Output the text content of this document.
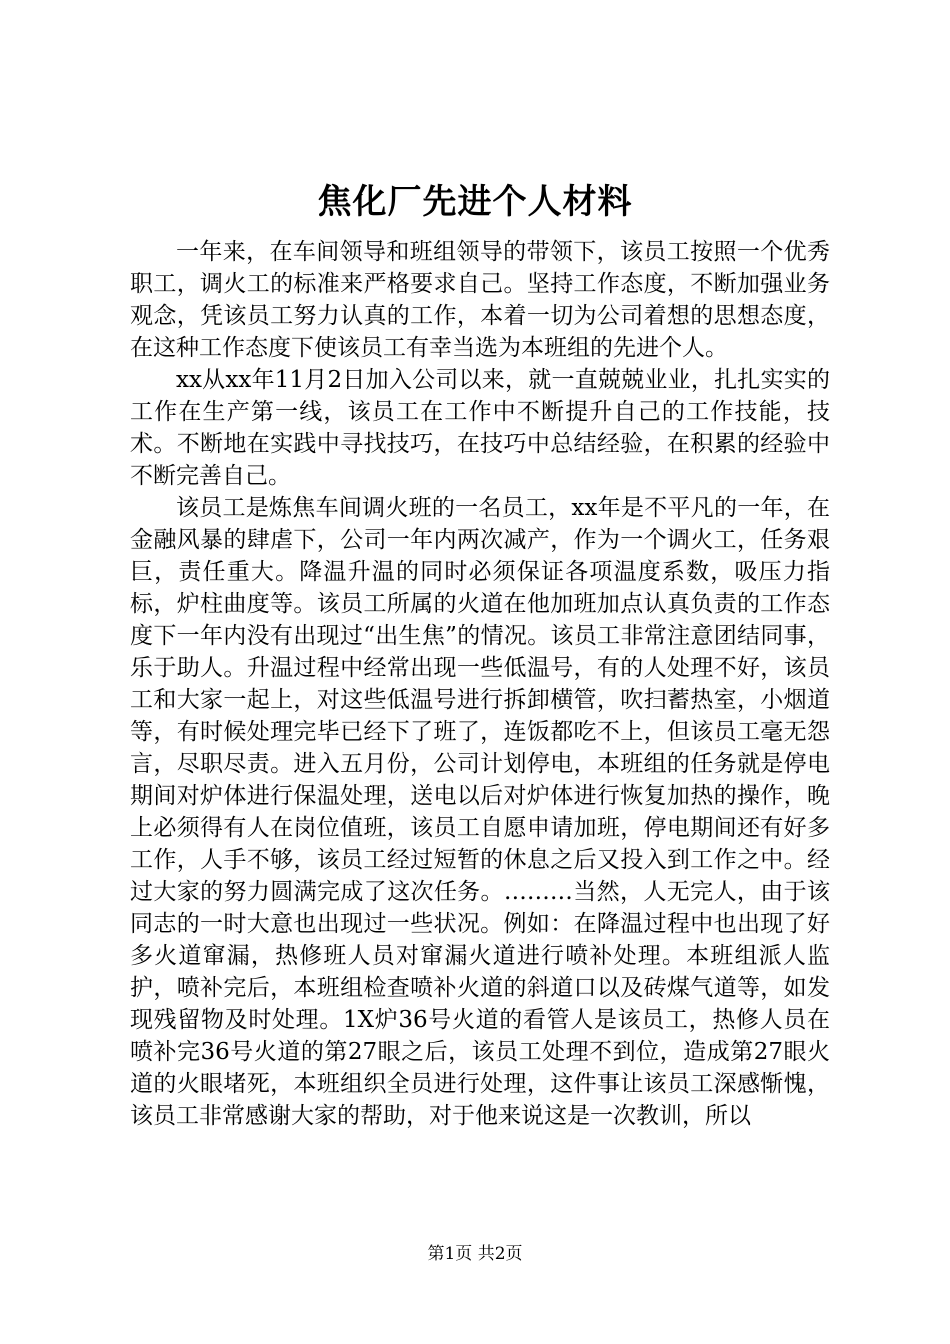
焦化厂先进个人材料

一年来，在车间领导和班组领导的带领下，该员工按照一个优秀职工，调火工的标准来严格要求自己。坚持工作态度，不断加强业务观念，凭该员工努力认真的工作，本着一切为公司着想的思想态度，在这种工作态度下使该员工有幸当选为本班组的先进个人。

xx从xx年11月2日加入公司以来，就一直兢兢业业，扎扎实实的工作在生产第一线，该员工在工作中不断提升自己的工作技能，技术。不断地在实践中寻找技巧，在技巧中总结经验，在积累的经验中不断完善自己。

该员工是炼焦车间调火班的一名员工，xx年是不平凡的一年，在金融风暴的肆虐下，公司一年内两次减产，作为一个调火工，任务艰巨，责任重大。降温升温的同时必须保证各项温度系数，吸压力指标，炉柱曲度等。该员工所属的火道在他加班加点认真负责的工作态度下一年内没有出现过“出生焦”的情况。该员工非常注意团结同事，乐于助人。升温过程中经常出现一些低温号，有的人处理不好，该员工和大家一起上，对这些低温号进行拆卸横管，吹扫蓄热室，小烟道等，有时候处理完毕已经下了班了，连饭都吃不上，但该员工毫无怨言，尽职尽责。进入五月份，公司计划停电，本班组的任务就是停电期间对炉体进行保温处理，送电以后对炉体进行恢复加热的操作，晚上必须得有人在岗位值班，该员工自愿申请加班，停电期间还有好多工作，人手不够，该员工经过短暂的休息之后又投入到工作之中。经过大家的努力圆满完成了这次任务。………当然，人无完人，由于该同志的一时大意也出现过一些状况。例如：在降温过程中也出现了好多火道窜漏，热修班人员对窜漏火道进行喷补处理。本班组派人监护，喷补完后，本班组检查喷补火道的斜道口以及砖煤气道等，如发现残留物及时处理。1X炉36号火道的看管人是该员工，热修人员在喷补完36号火道的第27眼之后，该员工处理不到位，造成第27眼火道的火眼堵死，本班组织全员进行处理，这件事让该员工深感惭愧，该员工非常感谢大家的帮助，对于他来说这是一次教训，所以

第1页 共2页
